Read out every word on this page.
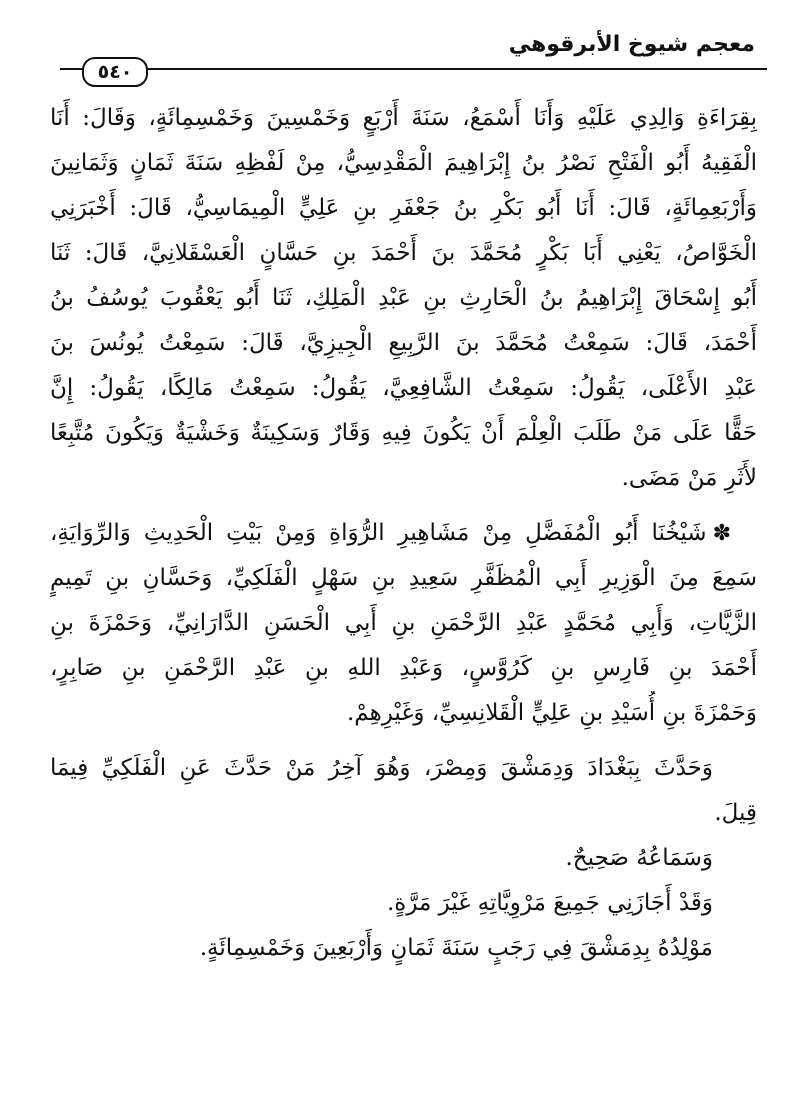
معجم شيوخ الأبرقوهي
٥٤٠
بِقِرَاءَةِ وَالِدِي عَلَيْهِ وَأَنَا أَسْمَعُ، سَنَةَ أَرْبَعٍ وَخَمْسِينَ وَخَمْسِمِائَةٍ، وَقَالَ: أَنَا
الْفَقِيهُ أَبُو الْفَتْحِ نَصْرُ بنُ إِبْرَاهِيمَ الْمَقْدِسِيُّ، مِنْ لَفْظِهِ سَنَةَ ثَمَانٍ وَثَمَانِينَ
وَأَرْبَعِمِائَةٍ، قَالَ: أَنَا أَبُو بَكْرِ بنُ جَعْفَرِ بنِ عَلِيٍّ الْمِيمَاسِيُّ، قَالَ: أَخْبَرَنِي
الْخَوَّاصُ، يَعْنِي أَبَا بَكْرٍ مُحَمَّدَ بنَ أَحْمَدَ بنِ حَسَّانٍ الْعَسْقَلانِيَّ، قَالَ: ثَنَا
أَبُو إِسْحَاقَ إِبْرَاهِيمُ بنُ الْحَارِثِ بنِ عَبْدِ الْمَلِكِ، ثَنَا أَبُو يَعْقُوبَ يُوسُفُ بنُ
أَحْمَدَ، قَالَ: سَمِعْتُ مُحَمَّدَ بنَ الرَّبِيعِ الْجِيزِيَّ، قَالَ: سَمِعْتُ يُونُسَ بنَ
عَبْدِ الأَعْلَى، يَقُولُ: سَمِعْتُ الشَّافِعِيَّ، يَقُولُ: سَمِعْتُ مَالِكًا، يَقُولُ: إِنَّ
حَقًّا عَلَى مَنْ طَلَبَ الْعِلْمَ أَنْ يَكُونَ فِيهِ وَقَارٌ وَسَكِينَةٌ وَخَشْيَةٌ وَيَكُونَ مُتَّبِعًا
لأَثَرِ مَنْ مَضَى.
✽شَيْخُنَا أَبُو الْمُفَضَّلِ مِنْ مَشَاهِيرِ الرُّوَاةِ وَمِنْ بَيْتِ الْحَدِيثِ وَالرِّوَايَةِ،
سَمِعَ مِنَ الْوَزِيرِ أَبِي الْمُظَفَّرِ سَعِيدِ بنِ سَهْلٍ الْفَلَكِيِّ، وَحَسَّانِ بنِ تَمِيمٍ
الزَّيَّاتِ، وَأَبِي مُحَمَّدٍ عَبْدِ الرَّحْمَنِ بنِ أَبِي الْحَسَنِ الدَّارَانِيِّ، وَحَمْزَةَ بنِ
أَحْمَدَ بنِ فَارِسِ بنِ كَرُوَّسٍ، وَعَبْدِ اللهِ بنِ عَبْدِ الرَّحْمَنِ بنِ صَابِرٍ،
وَحَمْزَةَ بنِ أُسَيْدِ بنِ عَلِيٍّ الْقَلانِسِيِّ، وَغَيْرِهِمْ.
وَحَدَّثَ بِبَغْدَادَ وَدِمَشْقَ وَمِصْرَ، وَهُوَ آخِرُ مَنْ حَدَّثَ عَنِ الْفَلَكِيِّ فِيمَا
قِيلَ.
وَسَمَاعُهُ صَحِيحٌ.
وَقَدْ أَجَازَنِي جَمِيعَ مَرْوِيَّاتِهِ غَيْرَ مَرَّةٍ.
مَوْلِدُهُ بِدِمَشْقَ فِي رَجَبٍ سَنَةَ ثَمَانٍ وَأَرْبَعِينَ وَخَمْسِمِائَةٍ.
